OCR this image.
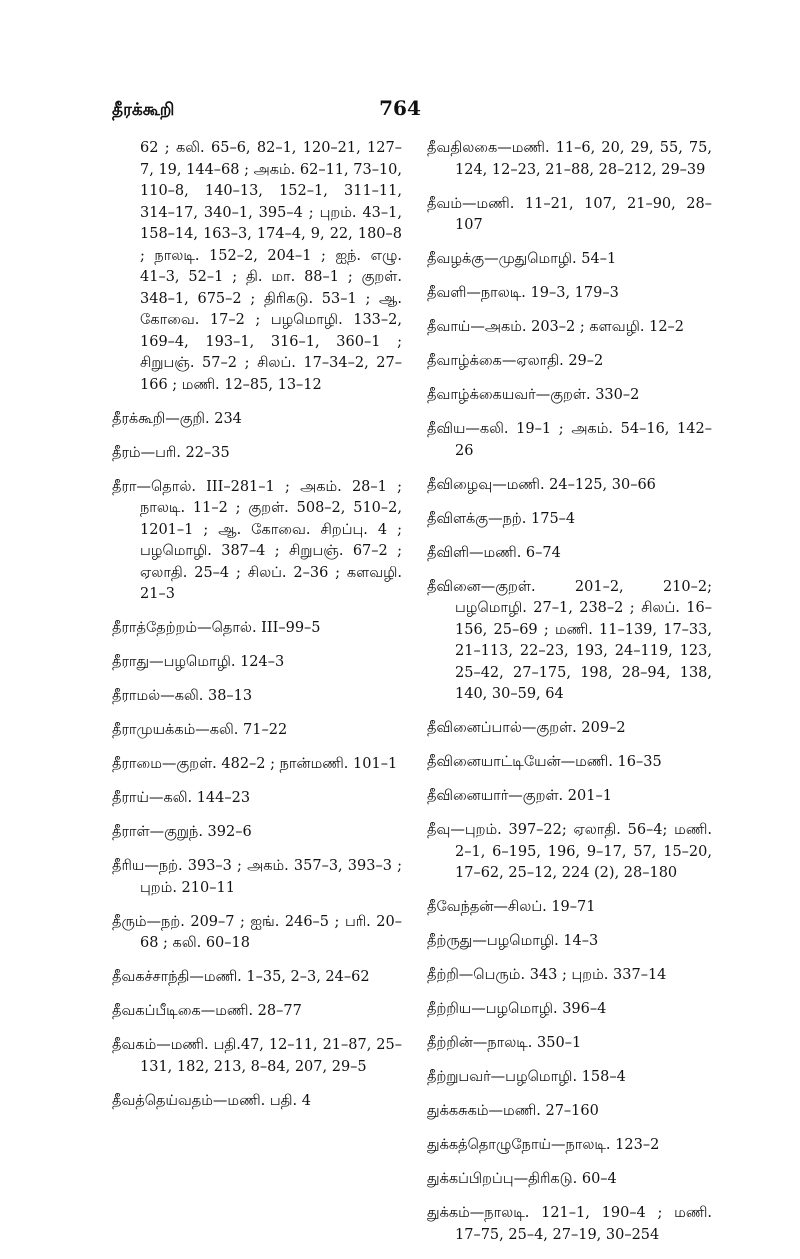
தீரக்கூறி	764

62 ; கலி. 65–6, 82–1, 120–21, 127–7, 19, 144–68 ; அகம். 62–11, 73–10, 110–8, 140–13, 152–1, 311–11, 314–17, 340–1, 395–4 ; புறம். 43–1, 158–14, 163–3, 174–4, 9, 22, 180–8 ; நாலடி. 152–2, 204–1 ; ஐந். எழு. 41–3, 52–1 ; தி. மா. 88–1 ; குறள். 348–1, 675–2 ; திரிகடு. 53–1 ; ஆ. கோவை. 17–2 ; பழமொழி. 133–2, 169–4, 193–1, 316–1, 360–1 ; சிறுபஞ். 57–2 ; சிலப். 17–34–2, 27–166 ; மணி. 12–85, 13–12

தீரக்கூறி—குறி. 234

தீரம்—பரி. 22–35

தீரா—தொல். III–281–1 ; அகம். 28–1 ; நாலடி. 11–2 ; குறள். 508–2, 510–2, 1201–1 ; ஆ. கோவை. சிறப்பு. 4 ; பழமொழி. 387–4 ; சிறுபஞ். 67–2 ; ஏலாதி. 25–4 ; சிலப். 2–36 ; களவழி. 21–3

தீராத்தேற்றம்—தொல். III–99–5

தீராது—பழமொழி. 124–3

தீராமல்—கலி. 38–13

தீராமுயக்கம்—கலி. 71–22

தீராமை—குறள். 482–2 ; நான்மணி. 101–1

தீராய்—கலி. 144–23

தீராள்—குறுந். 392–6

தீரிய—நற். 393–3 ; அகம். 357–3, 393–3 ; புறம். 210–11

தீரும்—நற். 209–7 ; ஐங். 246–5 ; பரி. 20–68 ; கலி. 60–18

தீவகச்சாந்தி—மணி. 1–35, 2–3, 24–62

தீவகப்பீடிகை—மணி. 28–77

தீவகம்—மணி. பதி.47, 12–11, 21–87, 25–131, 182, 213, 8–84, 207, 29–5

தீவத்தெய்வதம்—மணி. பதி. 4

தீவதிலகை—மணி. 11–6, 20, 29, 55, 75, 124, 12–23, 21–88, 28–212, 29–39

தீவம்—மணி. 11–21, 107, 21–90, 28–107

தீவழக்கு—முதுமொழி. 54–1

தீவளி—நாலடி. 19–3, 179–3

தீவாய்—அகம். 203–2 ; களவழி. 12–2

தீவாழ்க்கை—ஏலாதி. 29–2

தீவாழ்க்கையவர்—குறள். 330–2

தீவிய—கலி. 19–1 ; அகம். 54–16, 142–26

தீவிழைவு—மணி. 24–125, 30–66

தீவிளக்கு—நற். 175–4

தீவிளி—மணி. 6–74

தீவினை—குறள். 201–2, 210–2; பழமொழி. 27–1, 238–2 ; சிலப். 16–156, 25–69 ; மணி. 11–139, 17–33, 21–113, 22–23, 193, 24–119, 123, 25–42, 27–175, 198, 28–94, 138, 140, 30–59, 64

தீவினைப்பால்—குறள். 209–2

தீவினையாட்டியேன்—மணி. 16–35

தீவினையார்—குறள். 201–1

தீவு—புறம். 397–22; ஏலாதி. 56–4; மணி. 2–1, 6–195, 196, 9–17, 57, 15–20, 17–62, 25–12, 224 (2), 28–180

தீவேந்தன்—சிலப். 19–71

தீற்ருது—பழமொழி. 14–3

தீற்றி—பெரும். 343 ; புறம். 337–14

தீற்றிய—பழமொழி. 396–4

தீற்றின்—நாலடி. 350–1

தீற்றுபவர்—பழமொழி. 158–4

துக்கசுகம்—மணி. 27–160

துக்கத்தொழுநோய்—நாலடி. 123–2

துக்கப்பிறப்பு—திரிகடு. 60–4

துக்கம்—நாலடி. 121–1, 190–4 ; மணி. 17–75, 25–4, 27–19, 30–254
